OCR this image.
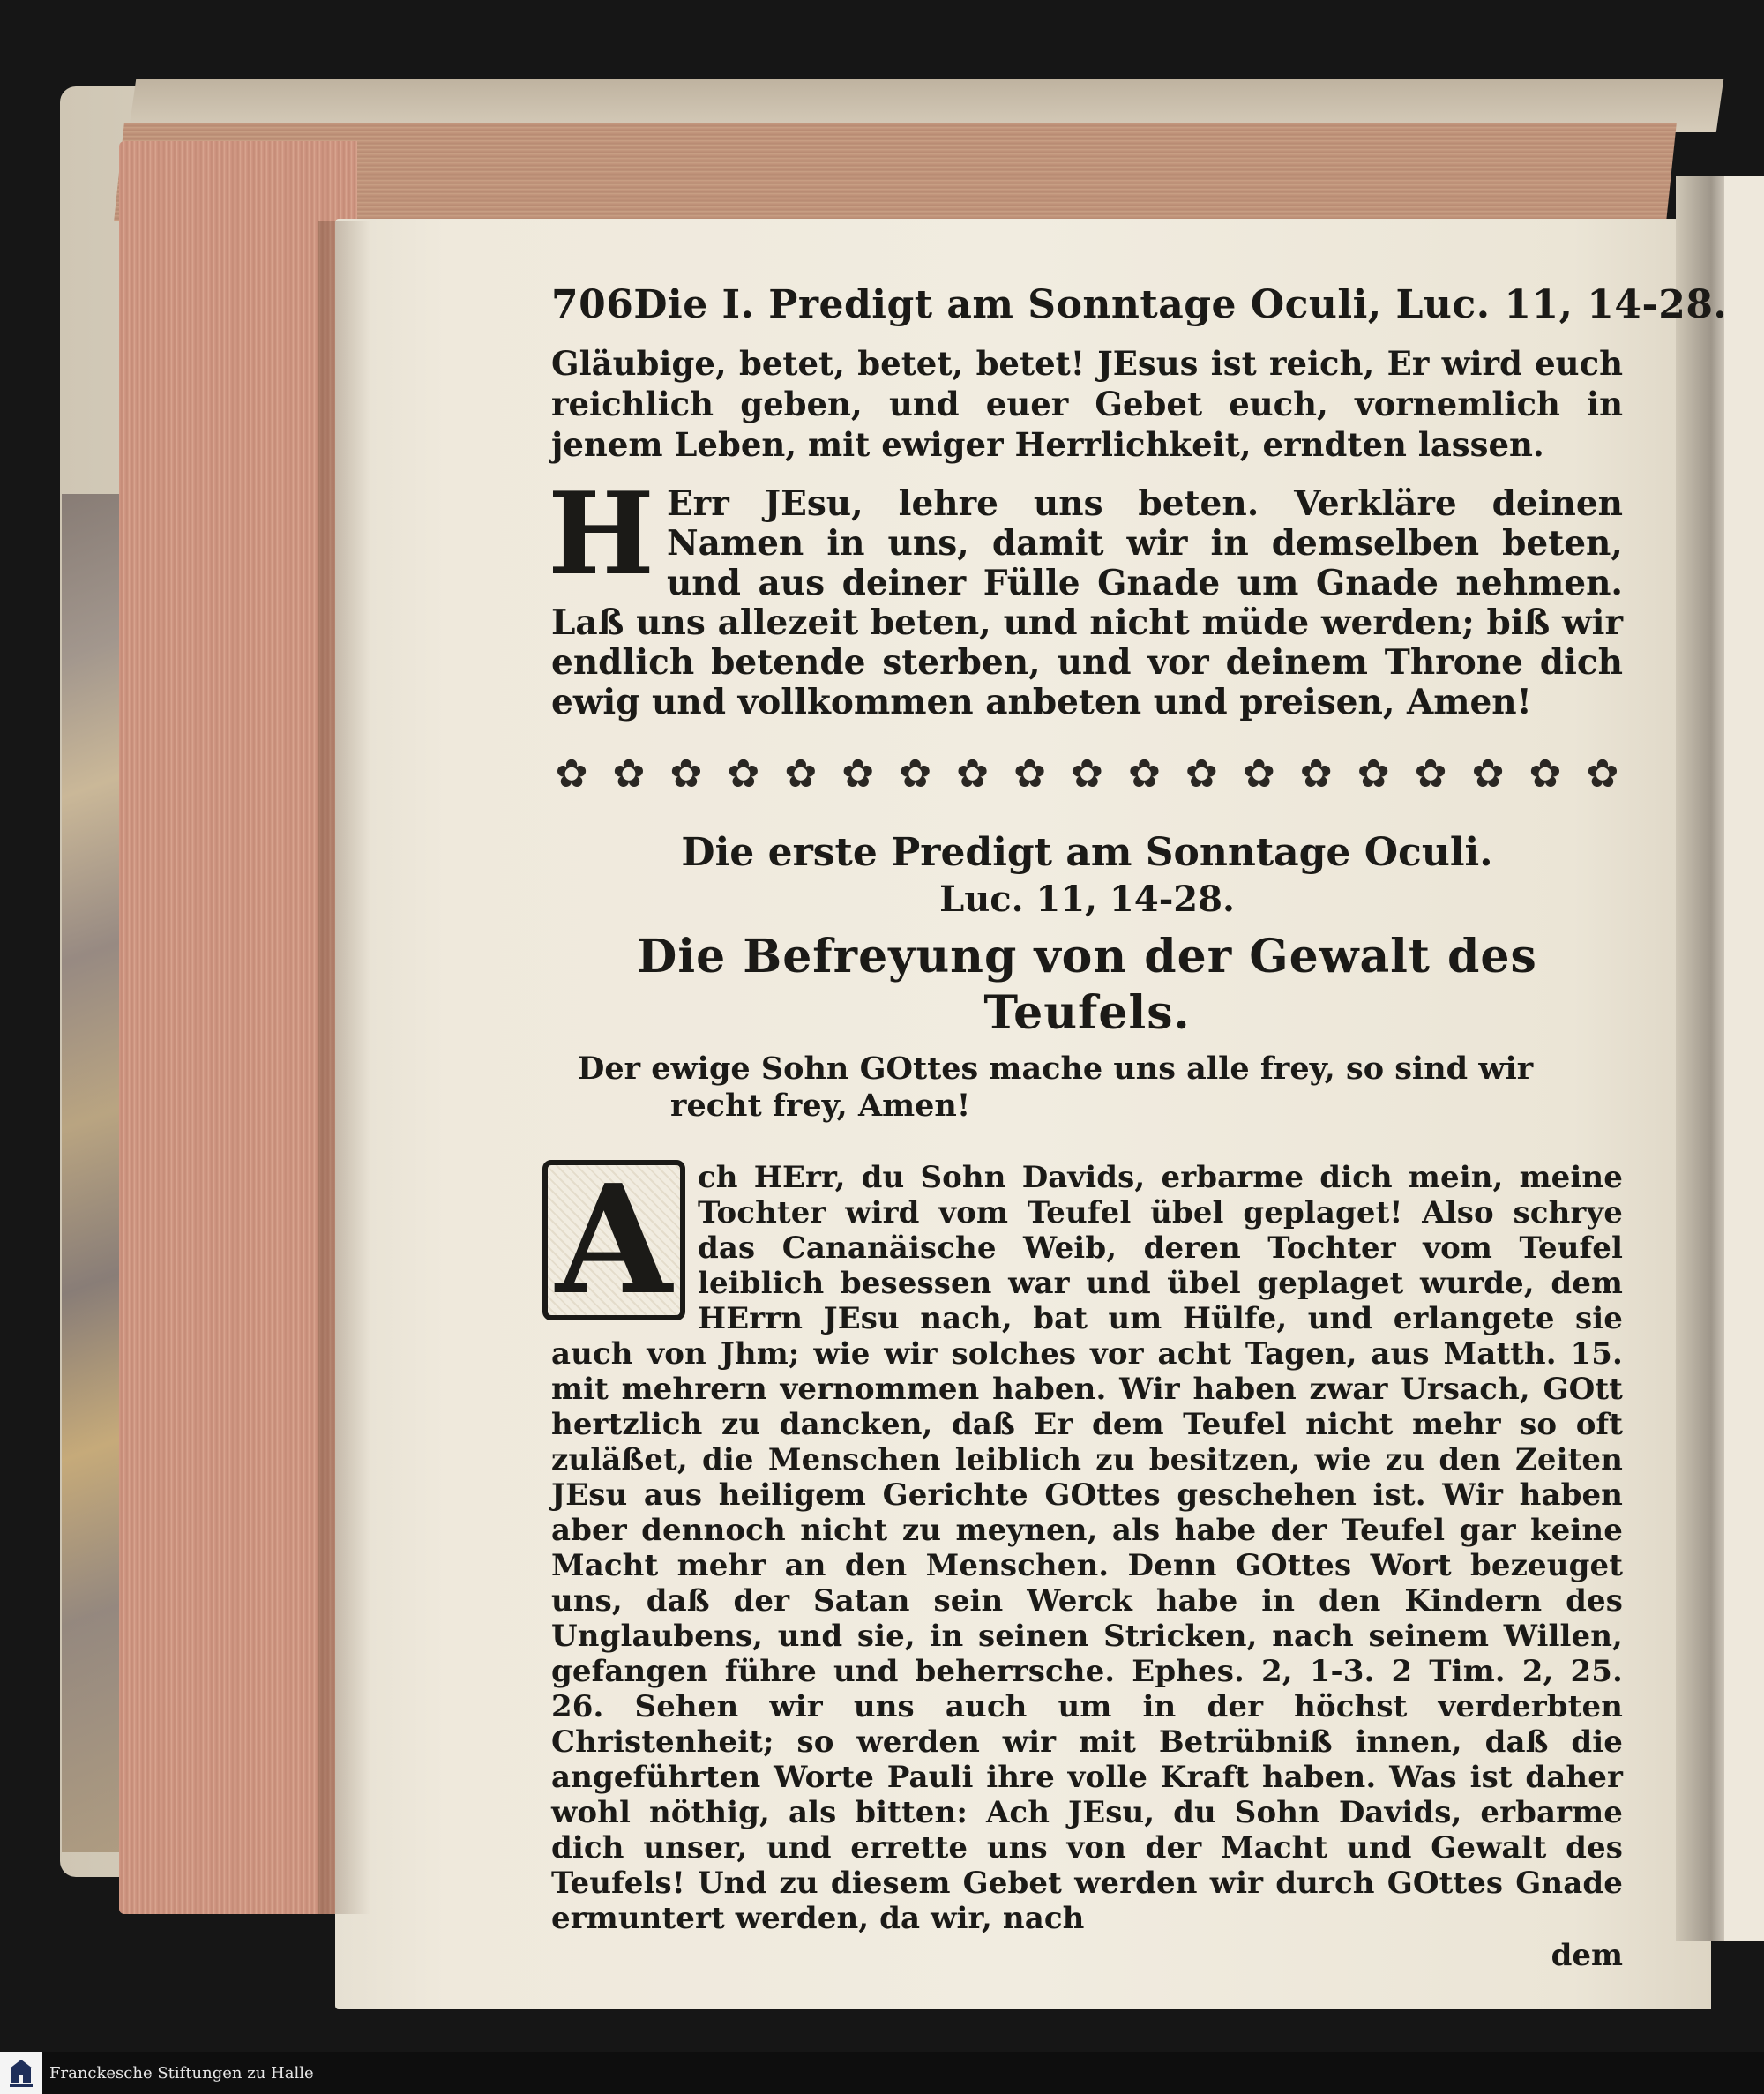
706 Die I. Predigt am Sonntage Oculi, Luc. 11, 14-28.
Gläubige, betet, betet, betet! JEsus ist reich, Er wird euch reichlich geben, und euer Gebet euch, vornemlich in jenem Leben, mit ewiger Herrlichkeit, erndten lassen.
H Err JEsu, lehre uns beten. Verkläre deinen Namen in uns, damit wir in demselben beten, und aus deiner Fülle Gnade um Gnade nehmen. Laß uns allezeit beten, und nicht müde werden; biß wir endlich betende sterben, und vor deinem Throne dich ewig und vollkommen anbeten und preisen, Amen!
✿ ✿ ✿ ✿ ✿ ✿ ✿ ✿ ✿ ✿ ✿ ✿ ✿ ✿ ✿ ✿ ✿ ✿ ✿
Die erste Predigt am Sonntage Oculi.
Luc. 11, 14-28.
Die Befreyung von der Gewalt des Teufels.
Der ewige Sohn GOttes mache uns alle frey, so sind wir recht frey, Amen!
A ch HErr, du Sohn Davids, erbarme dich mein, meine Tochter wird vom Teufel übel geplaget! Also schrye das Cananäische Weib, deren Tochter vom Teufel leiblich besessen war und übel geplaget wurde, dem HErrn JEsu nach, bat um Hülfe, und erlangete sie auch von Jhm; wie wir solches vor acht Tagen, aus Matth. 15. mit mehrern vernommen haben. Wir haben zwar Ursach, GOtt hertzlich zu dancken, daß Er dem Teufel nicht mehr so oft zuläßet, die Menschen leiblich zu besitzen, wie zu den Zeiten JEsu aus heiligem Gerichte GOttes geschehen ist. Wir haben aber dennoch nicht zu meynen, als habe der Teufel gar keine Macht mehr an den Menschen. Denn GOttes Wort bezeuget uns, daß der Satan sein Werck habe in den Kindern des Unglaubens, und sie, in seinen Stricken, nach seinem Willen, gefangen führe und beherrsche. Ephes. 2, 1-3. 2 Tim. 2, 25. 26. Sehen wir uns auch um in der höchst verderbten Christenheit; so werden wir mit Betrübniß innen, daß die angeführten Worte Pauli ihre volle Kraft haben. Was ist daher wohl nöthig, als bitten: Ach JEsu, du Sohn Davids, erbarme dich unser, und errette uns von der Macht und Gewalt des Teufels! Und zu diesem Gebet werden wir durch GOttes Gnade ermuntert werden, da wir, nach
dem
Franckesche Stiftungen zu Halle
